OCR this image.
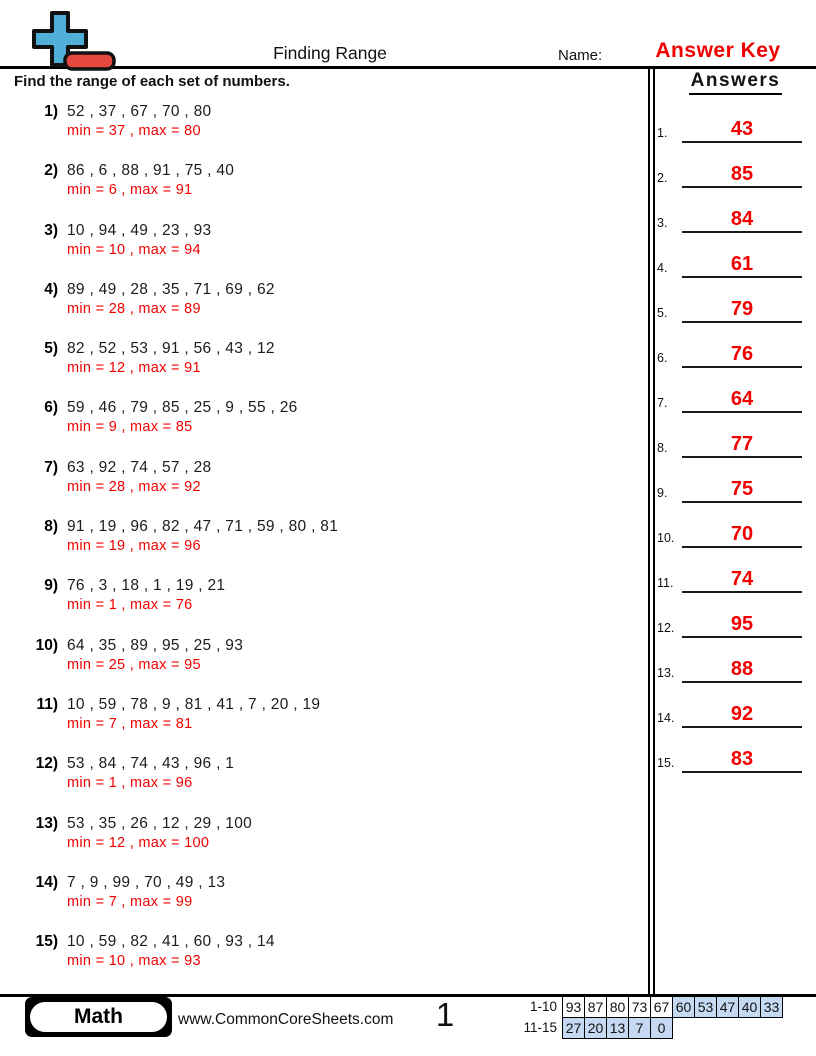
Finding Range	Name:	Answer Key
Find the range of each set of numbers.	Answers
1) 52 , 37 , 67 , 70 , 80
min = 37 , max = 80
2) 86 , 6 , 88 , 91 , 75 , 40
min = 6 , max = 91
3) 10 , 94 , 49 , 23 , 93
min = 10 , max = 94
4) 89 , 49 , 28 , 35 , 71 , 69 , 62
min = 28 , max = 89
5) 82 , 52 , 53 , 91 , 56 , 43 , 12
min = 12 , max = 91
6) 59 , 46 , 79 , 85 , 25 , 9 , 55 , 26
min = 9 , max = 85
7) 63 , 92 , 74 , 57 , 28
min = 28 , max = 92
8) 91 , 19 , 96 , 82 , 47 , 71 , 59 , 80 , 81
min = 19 , max = 96
9) 76 , 3 , 18 , 1 , 19 , 21
min = 1 , max = 76
10) 64 , 35 , 89 , 95 , 25 , 93
min = 25 , max = 95
11) 10 , 59 , 78 , 9 , 81 , 41 , 7 , 20 , 19
min = 7 , max = 81
12) 53 , 84 , 74 , 43 , 96 , 1
min = 1 , max = 96
13) 53 , 35 , 26 , 12 , 29 , 100
min = 12 , max = 100
14) 7 , 9 , 99 , 70 , 49 , 13
min = 7 , max = 99
15) 10 , 59 , 82 , 41 , 60 , 93 , 14
min = 10 , max = 93
1.	43
2.	85
3.	84
4.	61
5.	79
6.	76
7.	64
8.	77
9.	75
10.	70
11.	74
12.	95
13.	88
14.	92
15.	83
Math	www.CommonCoreSheets.com	1	1-10 93 87 80 73 67 60 53 47 40 33
11-15 27 20 13 7	0
